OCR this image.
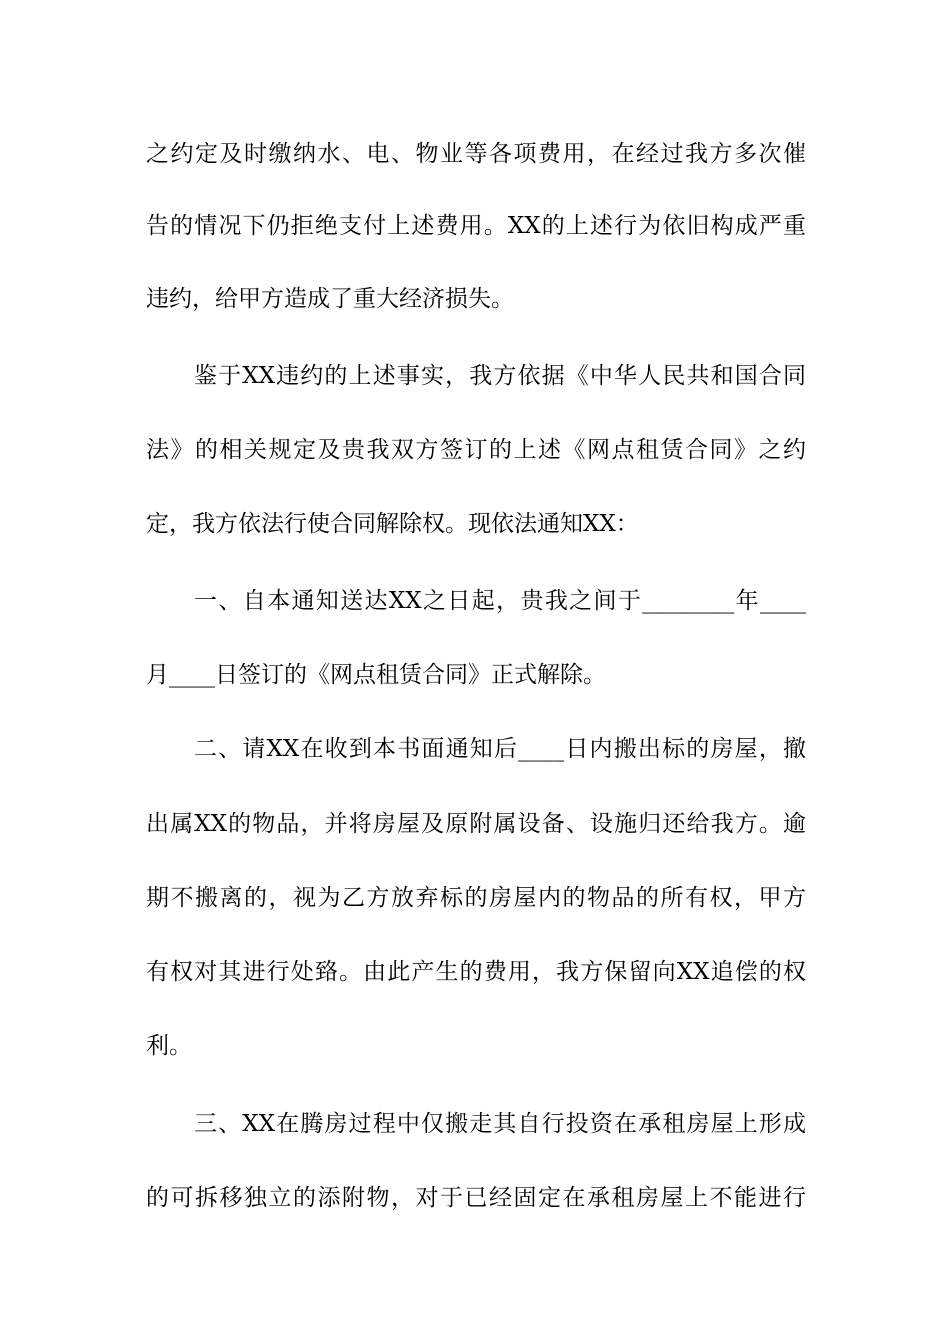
之约定及时缴纳水、电、物业等各项费用，在经过我方多次催
告的情况下仍拒绝支付上述费用。XX的上述行为依旧构成严重
违约，给甲方造成了重大经济损失。
鉴于XX违约的上述事实，我方依据《中华人民共和国合同
法》的相关规定及贵我双方签订的上述《网点租赁合同》之约
定，我方依法行使合同解除权。现依法通知XX：
一、自本通知送达XX之日起，贵我之间于________年____
月____日签订的《网点租赁合同》正式解除。
二、请XX在收到本书面通知后____日内搬出标的房屋，撤
出属XX的物品，并将房屋及原附属设备、设施归还给我方。逾
期不搬离的，视为乙方放弃标的房屋内的物品的所有权，甲方
有权对其进行处臵。由此产生的费用，我方保留向XX追偿的权
利。
三、XX在腾房过程中仅搬走其自行投资在承租房屋上形成
的可拆移独立的添附物，对于已经固定在承租房屋上不能进行
